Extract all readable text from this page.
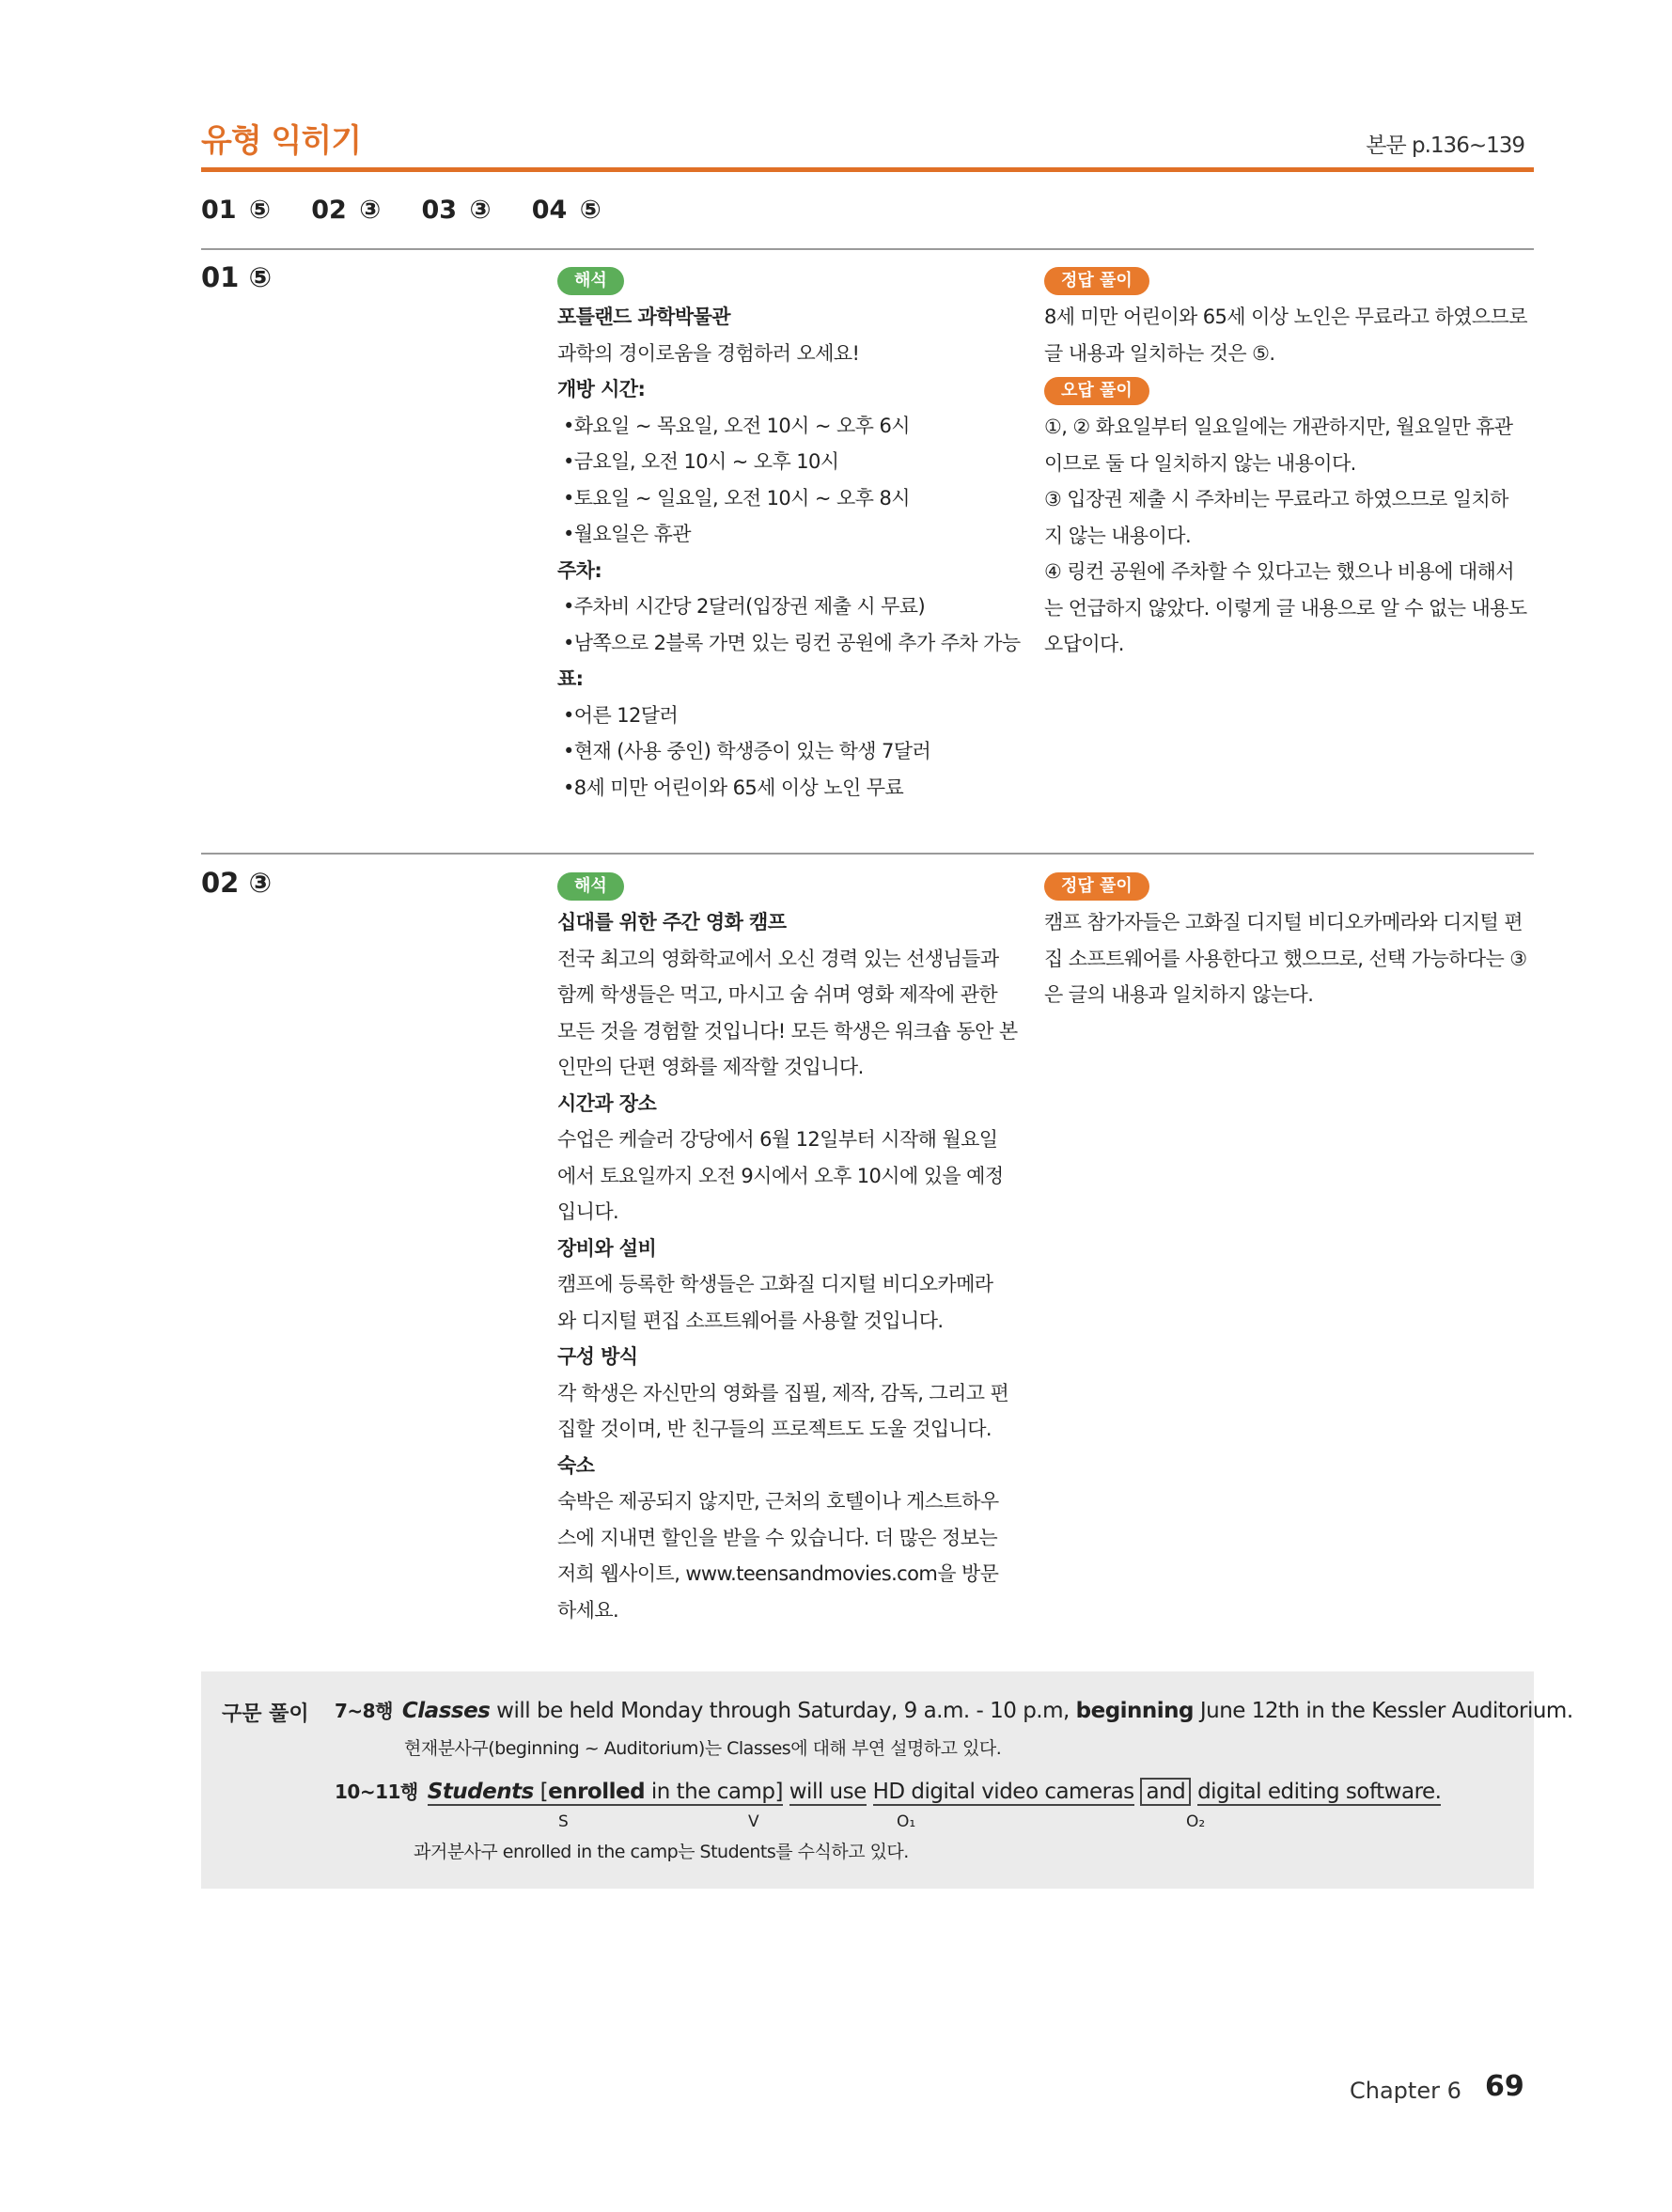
유형 익히기	본문 p.136~139
01 ⑤ 02 ③ 03 ③ 04 ⑤
01 ⑤	해석

포틀랜드 과학박물관

과학의 경이로움을 경험하러 오세요!

개방 시간:

•화요일 ~ 목요일, 오전 10시 ~ 오후 6시

•금요일, 오전 10시 ~ 오후 10시

•토요일 ~ 일요일, 오전 10시 ~ 오후 8시

•월요일은 휴관

주차:

•주차비 시간당 2달러(입장권 제출 시 무료)

•남쪽으로 2블록 가면 있는 링컨 공원에 추가 주차 가능

표:

•어른 12달러

•현재 (사용 중인) 학생증이 있는 학생 7달러

•8세 미만 어린이와 65세 이상 노인 무료

정답 풀이

8세 미만 어린이와 65세 이상 노인은 무료라고 하였으므로

글 내용과 일치하는 것은 ⑤.

오답 풀이

①, ② 화요일부터 일요일에는 개관하지만, 월요일만 휴관

이므로 둘 다 일치하지 않는 내용이다.

③ 입장권 제출 시 주차비는 무료라고 하였으므로 일치하

지 않는 내용이다.

④ 링컨 공원에 주차할 수 있다고는 했으나 비용에 대해서

는 언급하지 않았다. 이렇게 글 내용으로 알 수 없는 내용도

오답이다.

02 ③	해석

십대를 위한 주간 영화 캠프

전국 최고의 영화학교에서 오신 경력 있는 선생님들과

함께 학생들은 먹고, 마시고 숨 쉬며 영화 제작에 관한

모든 것을 경험할 것입니다! 모든 학생은 워크숍 동안 본

인만의 단편 영화를 제작할 것입니다.

시간과 장소

수업은 케슬러 강당에서 6월 12일부터 시작해 월요일

에서 토요일까지 오전 9시에서 오후 10시에 있을 예정

입니다.

장비와 설비

캠프에 등록한 학생들은 고화질 디지털 비디오카메라

와 디지털 편집 소프트웨어를 사용할 것입니다.

구성 방식

각 학생은 자신만의 영화를 집필, 제작, 감독, 그리고 편

집할 것이며, 반 친구들의 프로젝트도 도울 것입니다.

숙소

숙박은 제공되지 않지만, 근처의 호텔이나 게스트하우

스에 지내면 할인을 받을 수 있습니다. 더 많은 정보는

저희 웹사이트, www.teensandmovies.com을 방문

하세요.

정답 풀이

캠프 참가자들은 고화질 디지털 비디오카메라와 디지털 편

집 소프트웨어를 사용한다고 했으므로, 선택 가능하다는 ③

은 글의 내용과 일치하지 않는다.

구문 풀이 7~8행 Classes will be held Monday through Saturday, 9 a.m. - 10 p.m, beginning June 12th in the Kessler Auditorium.
현재분사구(beginning ~ Auditorium)는 Classes에 대해 부연 설명하고 있다.
10~11행 Students [enrolled in the camp] will use HD digital video cameras and digital editing software.
S	V	O₁	O₂
과거분사구 enrolled in the camp는 Students를 수식하고 있다.
Chapter 6 69
